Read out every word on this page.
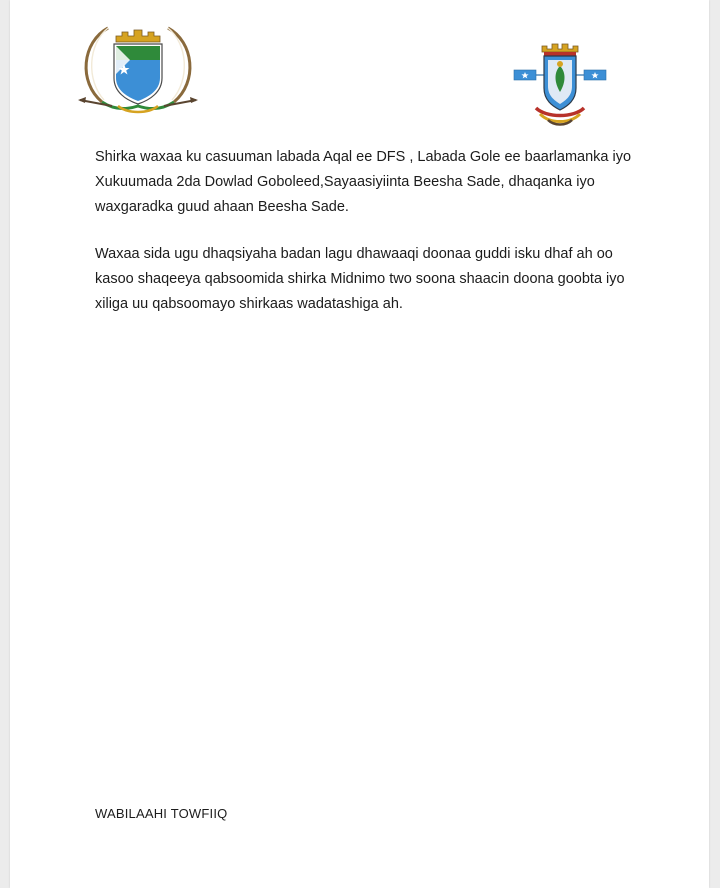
Shirka waxaa ku casuuman labada Aqal ee DFS , Labada Gole ee baarlamanka iyo Xukuumada 2da Dowlad Goboleed,Sayaasiyiinta Beesha Sade, dhaqanka iyo waxgaradka guud ahaan Beesha Sade.

Waxaa sida ugu dhaqsiyaha badan lagu dhawaaqi doonaa guddi isku dhaf ah oo kasoo shaqeeya qabsoomida shirka Midnimo two soona shaacin doona goobta iyo xiliga uu qabsoomayo shirkaas wadatashiga ah.

WABILAAHI TOWFIIQ
